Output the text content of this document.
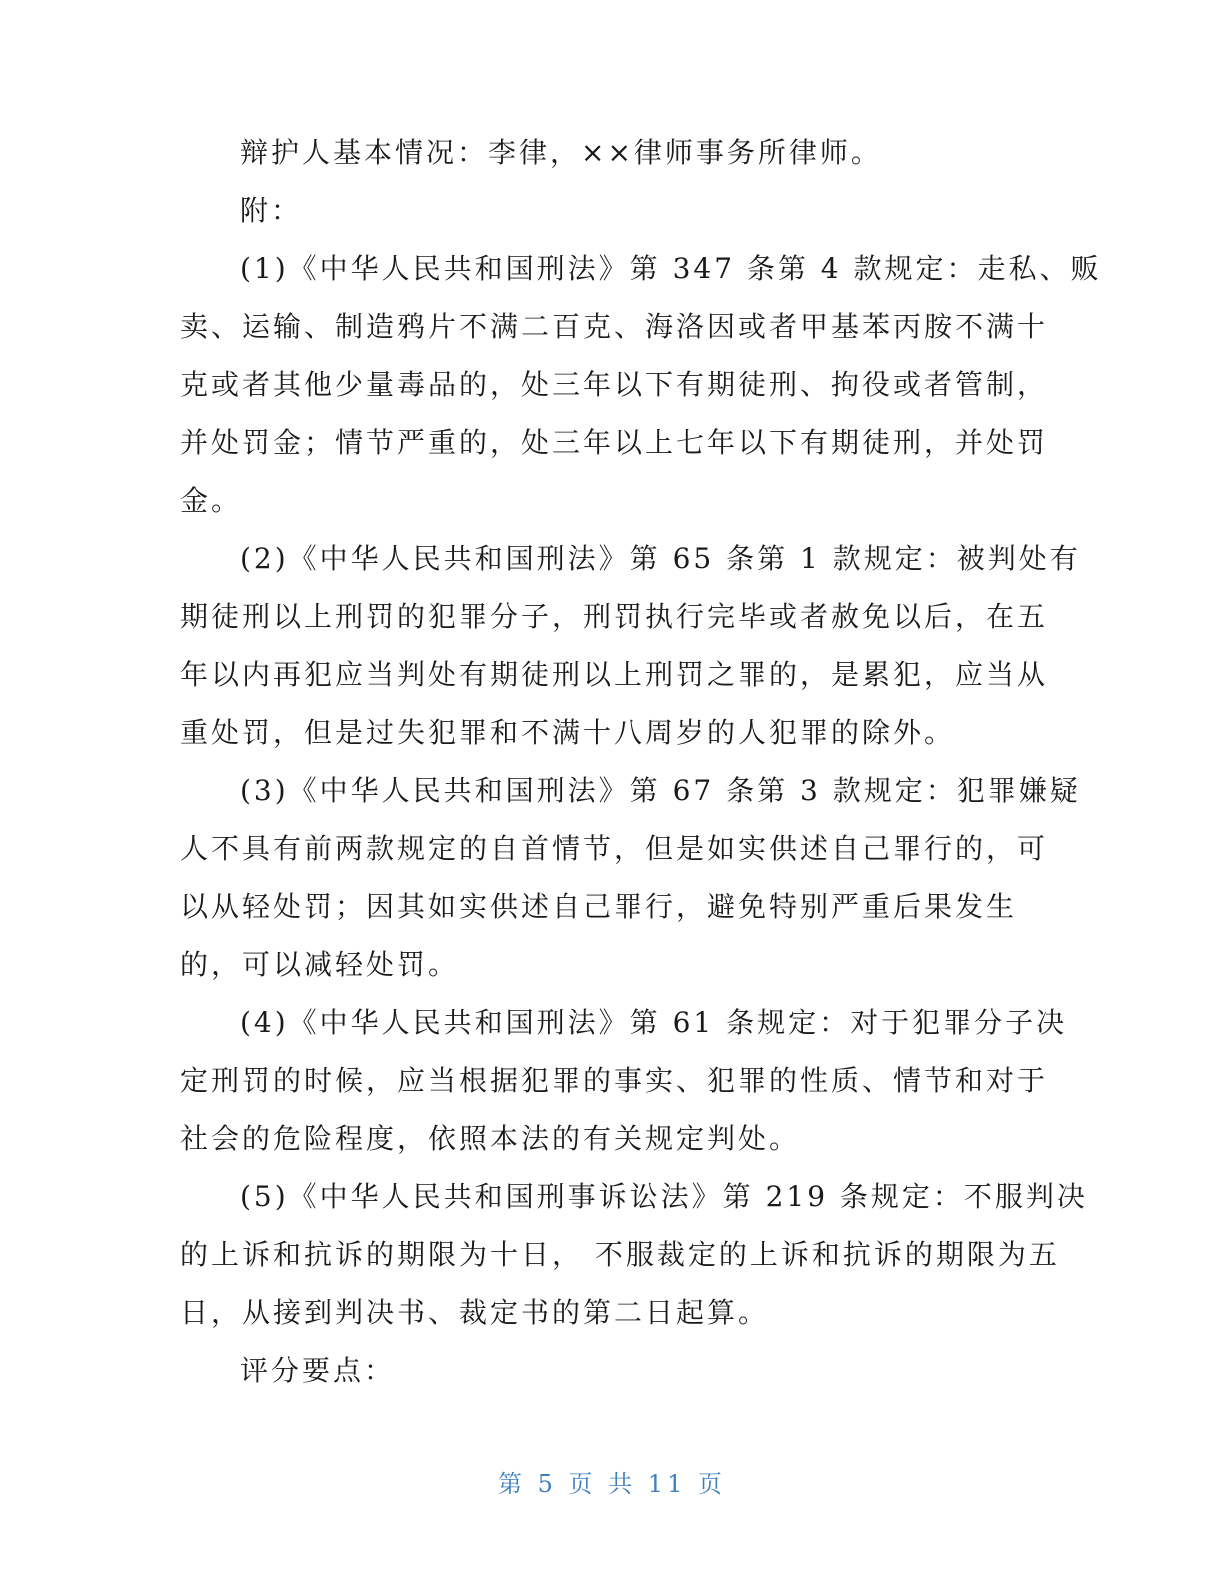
辩护人基本情况：李律，××律师事务所律师。
附：
(1)《中华人民共和国刑法》第 347 条第 4 款规定：走私、贩
卖、运输、制造鸦片不满二百克、海洛因或者甲基苯丙胺不满十
克或者其他少量毒品的，处三年以下有期徒刑、拘役或者管制，
并处罚金；情节严重的，处三年以上七年以下有期徒刑，并处罚
金。
(2)《中华人民共和国刑法》第 65 条第 1 款规定：被判处有
期徒刑以上刑罚的犯罪分子，刑罚执行完毕或者赦免以后，在五
年以内再犯应当判处有期徒刑以上刑罚之罪的，是累犯，应当从
重处罚，但是过失犯罪和不满十八周岁的人犯罪的除外。
(3)《中华人民共和国刑法》第 67 条第 3 款规定：犯罪嫌疑
人不具有前两款规定的自首情节，但是如实供述自己罪行的，可
以从轻处罚；因其如实供述自己罪行，避免特别严重后果发生
的，可以减轻处罚。
(4)《中华人民共和国刑法》第 61 条规定：对于犯罪分子决
定刑罚的时候，应当根据犯罪的事实、犯罪的性质、情节和对于
社会的危险程度，依照本法的有关规定判处。
(5)《中华人民共和国刑事诉讼法》第 219 条规定：不服判决
的上诉和抗诉的期限为十日， 不服裁定的上诉和抗诉的期限为五
日，从接到判决书、裁定书的第二日起算。
评分要点：
第 5 页 共 11 页
